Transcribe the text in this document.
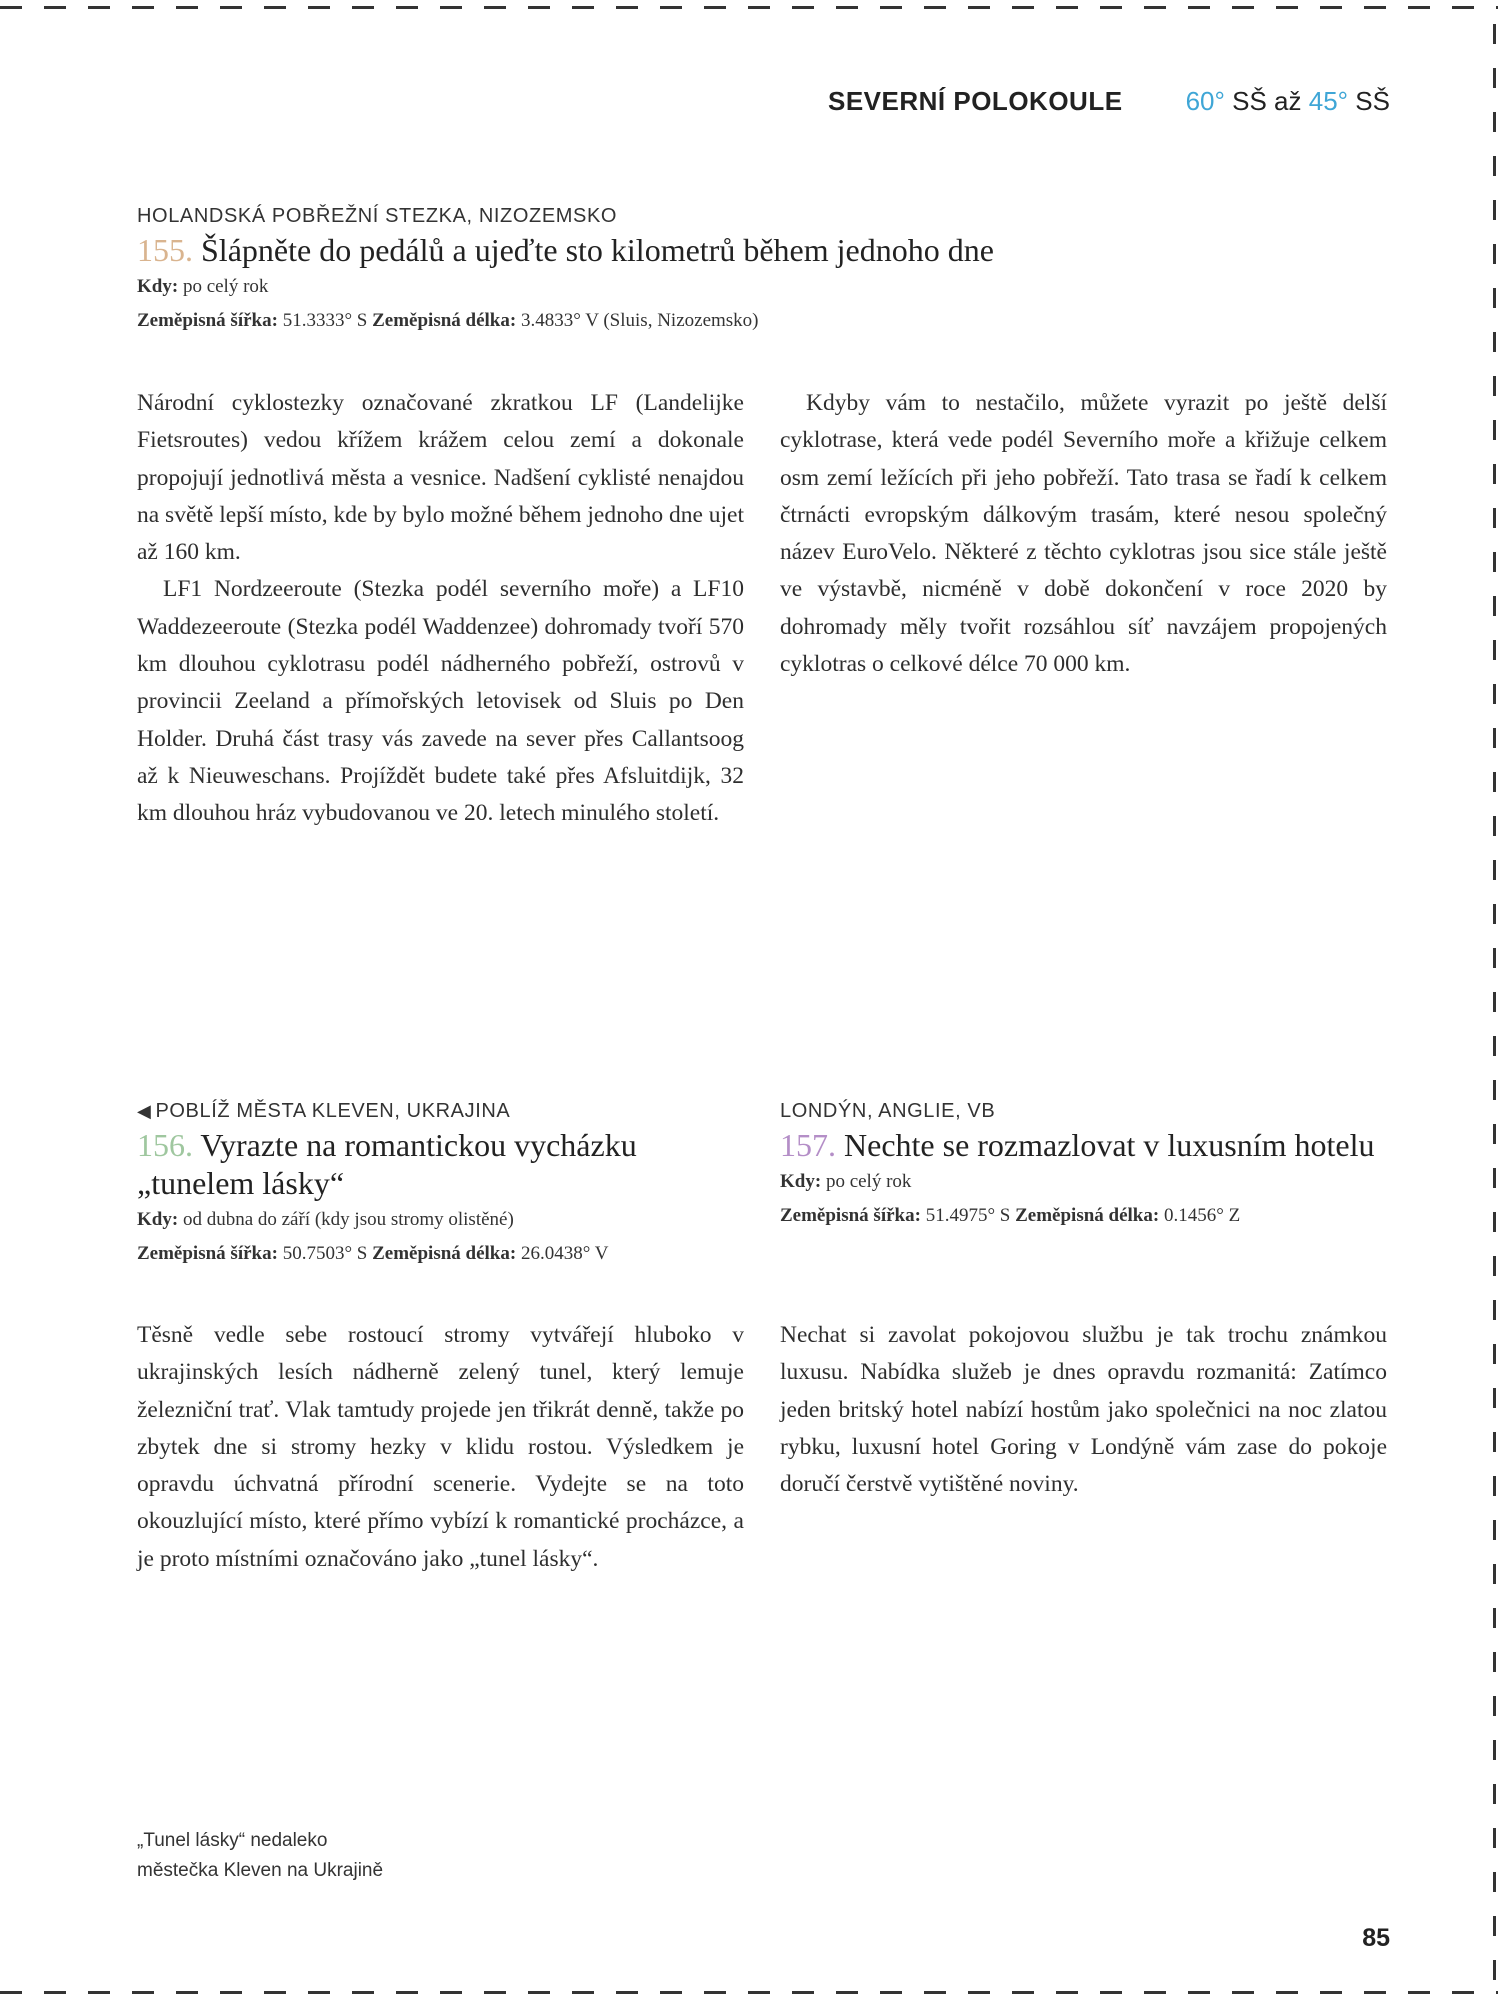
SEVERNÍ POLOKOULE 60° SŠ až 45° SŠ
HOLANDSKÁ POBŘEŽNÍ STEZKA, NIZOZEMSKO
155. Šlápněte do pedálů a ujeďte sto kilometrů během jednoho dne
Kdy: po celý rok
Zeměpisná šířka: 51.3333° S Zeměpisná délka: 3.4833° V (Sluis, Nizozemsko)

Národní cyklostezky označované zkratkou LF (Landelijke Fietsroutes) vedou křížem krážem celou zemí a dokonale propojují jednotlivá města a vesnice. Nadšení cyklisté nenajdou na světě lepší místo, kde by bylo možné během jednoho dne ujet až 160 km.

LF1 Nordzeeroute (Stezka podél severního moře) a LF10 Waddezeeroute (Stezka podél Waddenzee) dohromady tvoří 570 km dlouhou cyklotrasu podél nádherného pobřeží, ostrovů v provincii Zeeland a přímořských letovisek od Sluis po Den Holder. Druhá část trasy vás zavede na sever přes Callantsoog až k Nieuweschans. Projíždět budete také přes Afsluitdijk, 32 km dlouhou hráz vybudovanou ve 20. letech minulého století.

Kdyby vám to nestačilo, můžete vyrazit po ještě delší cyklotrase, která vede podél Severního moře a křižuje celkem osm zemí ležících při jeho pobřeží. Tato trasa se řadí k celkem čtrnácti evropským dálkovým trasám, které nesou společný název EuroVelo. Některé z těchto cyklotras jsou sice stále ještě ve výstavbě, nicméně v době dokončení v roce 2020 by dohromady měly tvořit rozsáhlou síť navzájem propojených cyklotras o celkové délce 70 000 km.

◀ POBLÍŽ MĚSTA KLEVEN, UKRAJINA
156. Vyrazte na romantickou vycházku „tunelem lásky“
Kdy: od dubna do září (kdy jsou stromy olistěné)
Zeměpisná šířka: 50.7503° S Zeměpisná délka: 26.0438° V

Těsně vedle sebe rostoucí stromy vytvářejí hluboko v ukrajinských lesích nádherně zelený tunel, který lemuje železniční trať. Vlak tamtudy projede jen třikrát denně, takže po zbytek dne si stromy hezky v klidu rostou. Výsledkem je opravdu úchvatná přírodní scenerie. Vydejte se na toto okouzlující místo, které přímo vybízí k romantické procházce, a je proto místními označováno jako „tunel lásky“.

LONDÝN, ANGLIE, VB
157. Nechte se rozmazlovat v luxusním hotelu
Kdy: po celý rok
Zeměpisná šířka: 51.4975° S Zeměpisná délka: 0.1456° Z

Nechat si zavolat pokojovou službu je tak trochu známkou luxusu. Nabídka služeb je dnes opravdu rozmanitá: Zatímco jeden britský hotel nabízí hostům jako společnici na noc zlatou rybku, luxusní hotel Goring v Londýně vám zase do pokoje doručí čerstvě vytištěné noviny.

„Tunel lásky“ nedaleko
městečka Kleven na Ukrajině
85
